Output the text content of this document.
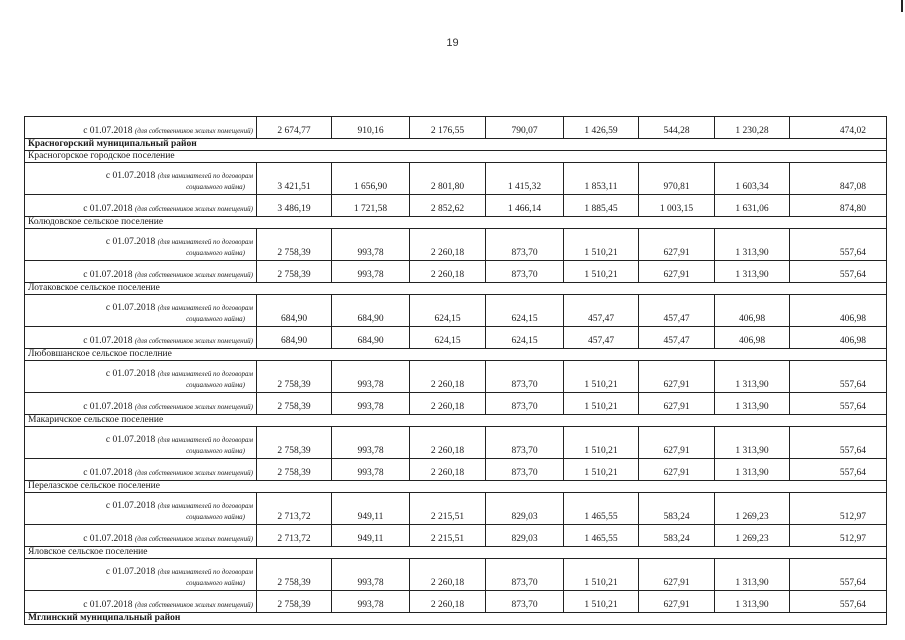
19
с 01.07.2018 (для собственников жилых помещений)	2 674,77	910,16	2 176,55	790,07	1 426,59	544,28	1 230,28	474,02
Красногорский муниципальный район								
Красногорское городское поселение								
с 01.07.2018 (для нанимателей по договорам
социального найма)	3 421,51	1 656,90	2 801,80	1 415,32	1 853,11	970,81	1 603,34	847,08
с 01.07.2018 (для собственников жилых помещений)	3 486,19	1 721,58	2 852,62	1 466,14	1 885,45	1 003,15	1 631,06	874,80
Колюдовское сельское поселение								
с 01.07.2018 (для нанимателей по договорам
социального найма)	2 758,39	993,78	2 260,18	873,70	1 510,21	627,91	1 313,90	557,64
с 01.07.2018 (для собственников жилых помещений)	2 758,39	993,78	2 260,18	873,70	1 510,21	627,91	1 313,90	557,64
Лотаковское сельское поселение								
с 01.07.2018 (для нанимателей по договорам
социального найма)	684,90	684,90	624,15	624,15	457,47	457,47	406,98	406,98
с 01.07.2018 (для собственников жилых помещений)	684,90	684,90	624,15	624,15	457,47	457,47	406,98	406,98
Любовшанское сельское послелние								
с 01.07.2018 (для нанимателей по договорам
социального найма)	2 758,39	993,78	2 260,18	873,70	1 510,21	627,91	1 313,90	557,64
с 01.07.2018 (для собственников жилых помещений)	2 758,39	993,78	2 260,18	873,70	1 510,21	627,91	1 313,90	557,64
Макаричское сельское поселение								
с 01.07.2018 (для нанимателей по договорам
социального найма)	2 758,39	993,78	2 260,18	873,70	1 510,21	627,91	1 313,90	557,64
с 01.07.2018 (для собственников жилых помещений)	2 758,39	993,78	2 260,18	873,70	1 510,21	627,91	1 313,90	557,64
Перелазское сельское поселение								
с 01.07.2018 (для нанимателей по договорам
социального найма)	2 713,72	949,11	2 215,51	829,03	1 465,55	583,24	1 269,23	512,97
с 01.07.2018 (для собственников жилых помещений)	2 713,72	949,11	2 215,51	829,03	1 465,55	583,24	1 269,23	512,97
Яловское сельское поселение								
с 01.07.2018 (для нанимателей по договорам
социального найма)	2 758,39	993,78	2 260,18	873,70	1 510,21	627,91	1 313,90	557,64
с 01.07.2018 (для собственников жилых помещений)	2 758,39	993,78	2 260,18	873,70	1 510,21	627,91	1 313,90	557,64
Мглинский муниципальный район								
